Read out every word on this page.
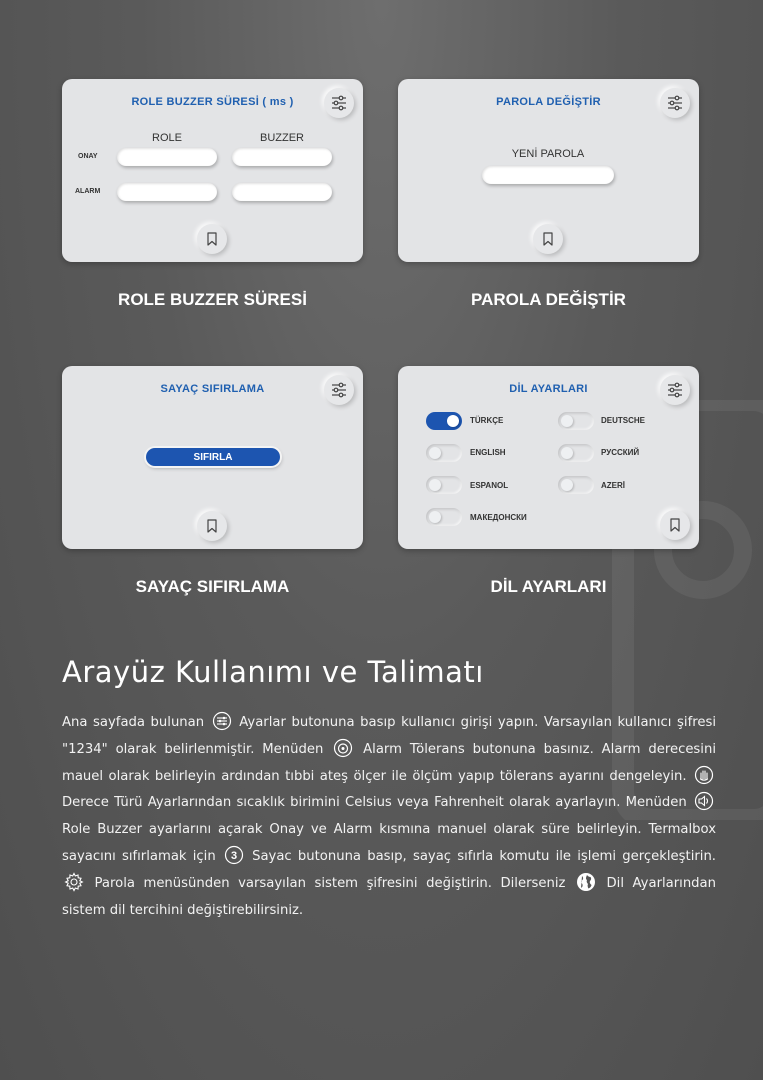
ROLE BUZZER SÜRESİ ( ms )
ROLE	BUZZER
ONAY
ALARM
ROLE BUZZER SÜRESİ
PAROLA DEĞİŞTİR
YENİ PAROLA
PAROLA DEĞİŞTİR
SAYAÇ SIFIRLAMA
SIFIRLA
SAYAÇ SIFIRLAMA
DİL AYARLARI
TÜRKÇE	DEUTSCHE
ENGLISH	РУССКИЙ
ESPANOL	AZERİ
МАКЕДОНСКИ
DİL AYARLARI
Arayüz Kullanımı ve Talimatı
Ana sayfada bulunan	Ayarlar butonuna basıp kullanıcı girişi yapın. Varsayılan kullanıcı şifresi "1234" olarak belirlenmiştir. Menüden	Alarm Tölerans butonuna basınız. Alarm derecesini mauel olarak belirleyin ardından tıbbi ateş ölçer ile ölçüm yapıp tölerans ayarını dengeleyin.  Derece Türü Ayarlarından sıcaklık birimini Celsius veya Fahrenheit olarak ayarlayın. Menüden  Role Buzzer ayarlarını açarak Onay ve Alarm kısmına manuel olarak süre belirleyin. Termalbox sayacını sıfırlamak için 3 Sayac butonuna basıp, sayaç sıfırla komutu ile işlemi gerçekleştirin.  Parola menüsünden varsayılan sistem şifresini değiştirin. Dilerseniz	Dil Ayarlarından sistem dil tercihini değiştirebilirsiniz.
